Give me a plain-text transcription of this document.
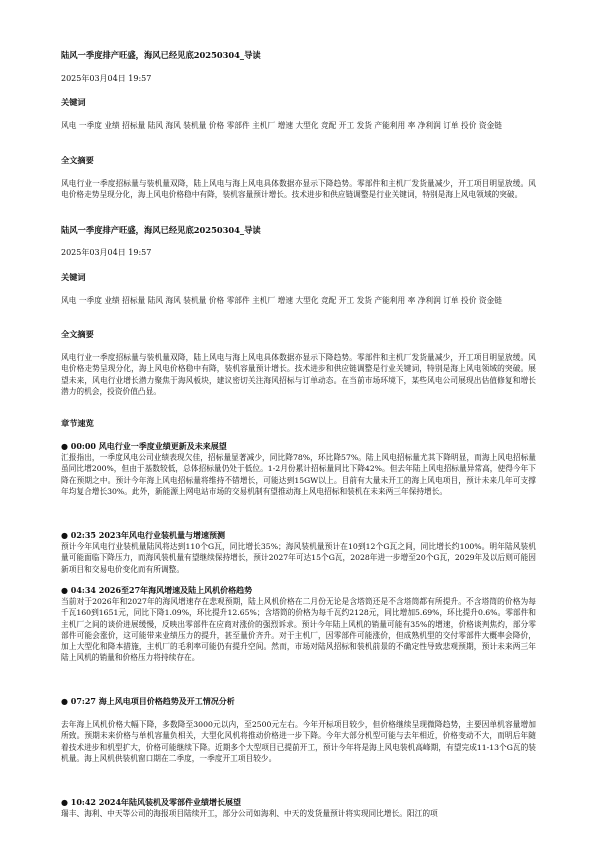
陆风一季度排产旺盛，海风已经见底20250304_导读
2025年03月04日 19:57
关键词
风电 一季度 业绩 招标量 陆风 海风 装机量 价格 零部件 主机厂 增速 大型化 竞配 开工 发货 产能利用 率 净利润 订单 投价 资金链
全文摘要
风电行业一季度招标量与装机量双降，陆上风电与海上风电具体数据亦显示下降趋势。零部件和主机厂发货量减少，开工项目明显放缓。风电价格走势呈现分化，海上风电价格稳中有降，装机容量预计增长。技术进步和供应链调整是行业关键词，特别是海上风电领域的突破。
陆风一季度排产旺盛，海风已经见底20250304_导读
2025年03月04日 19:57
关键词
风电 一季度 业绩 招标量 陆风 海风 装机量 价格 零部件 主机厂 增速 大型化 竞配 开工 发货 产能利用 率 净利润 订单 投价 资金链
全文摘要
风电行业一季度招标量与装机量双降，陆上风电与海上风电具体数据亦显示下降趋势。零部件和主机厂发货量减少，开工项目明显放缓。风电价格走势呈现分化，海上风电价格稳中有降，装机容量预计增长。技术进步和供应链调整是行业关键词，特别是海上风电领域的突破。展望未来，风电行业增长潜力聚焦于海风板块，建议密切关注海风招标与订单动态。在当前市场环境下，某些风电公司展现出估值修复和增长潜力的机会，投资价值凸显。
章节速览
● 00:00 风电行业一季度业绩更新及未来展望
汇报指出，一季度风电公司业绩表现欠佳，招标量显著减少，同比降78%，环比降57%。陆上风电招标量尤其下降明显，而海上风电招标量虽同比增200%，但由于基数较低，总体招标量仍处于低位。1-2月份累计招标量同比下降42%。但去年陆上风电招标量异常高，使得今年下降在预期之中。预计今年海上风电招标量将维持不错增长，可能达到15GW以上。目前有大量未开工的海上风电项目，预计未来几年可支撑年均复合增长30%。此外，新能源上网电站市场的交易机制有望推动海上风电招标和装机在未来两三年保持增长。
● 02:35 2023年风电行业装机量与增速预测
预计今年风电行业装机量陆风将达到110个G瓦，同比增长35%；海风装机量预计在10到12个G瓦之间，同比增长约100%。明年陆风装机量可能面临下降压力，而海风装机量有望继续保持增长，预计2027年可达15个G瓦，2028年进一步增至20个G瓦，2029年及以后则可能因新项目和交易电价变化而有所调整。
● 04:34 2026至27年海风增速及陆上风机价格趋势
当前对于2026年和2027年的海风增速存在悲观预期，陆上风机价格在二月份无论是含塔筒还是不含塔筒都有所提升。不含塔筒的价格为每千瓦160到1651元，同比下降1.09%，环比提升12.65%；含塔筒的价格为每千瓦约2128元，同比增加5.69%，环比提升0.6%。零部件和主机厂之间的谈价进展缓慢，反映出零部件在应商对涨价的强烈诉求。预计今年陆上风机的销量可能有35%的增速，价格谈判焦灼，部分零部件可能会涨价，这可能带来业绩压力的提升，甚至量价齐升。对于主机厂，因零部件可能涨价，但成熟机型的交付零部件大概率会降价，加上大型化和降本措施，主机厂的毛利率可能仍有提升空间。然而，市场对陆风招标和装机前景的不确定性导致悲观预期，预计未来两三年陆上风机的销量和价格压力将持续存在。
● 07:27 海上风电项目价格趋势及开工情况分析
去年海上风机价格大幅下降，多数降至3000元以内，至2500元左右。今年开标项目较少，但价格继续呈现微降趋势，主要因单机容量增加所致。预期未来价格与单机容量负相关，大型化风机将推动价格进一步下降。今年大部分机型可能与去年相近，价格变动不大，而明后年随着技术进步和机型扩大，价格可能继续下降。近期多个大型项目已提前开工，预计今年将是海上风电装机高峰期，有望完成11-13个G瓦的装机量。海上风机供装机窗口期在二季度，一季度开工项目较少。
● 10:42 2024年陆风装机及零部件业绩增长展望
瑞丰、海利、中天等公司的海报项目陆续开工，部分公司如海利、中天的发货量预计将实现同比增长。阳江的项
